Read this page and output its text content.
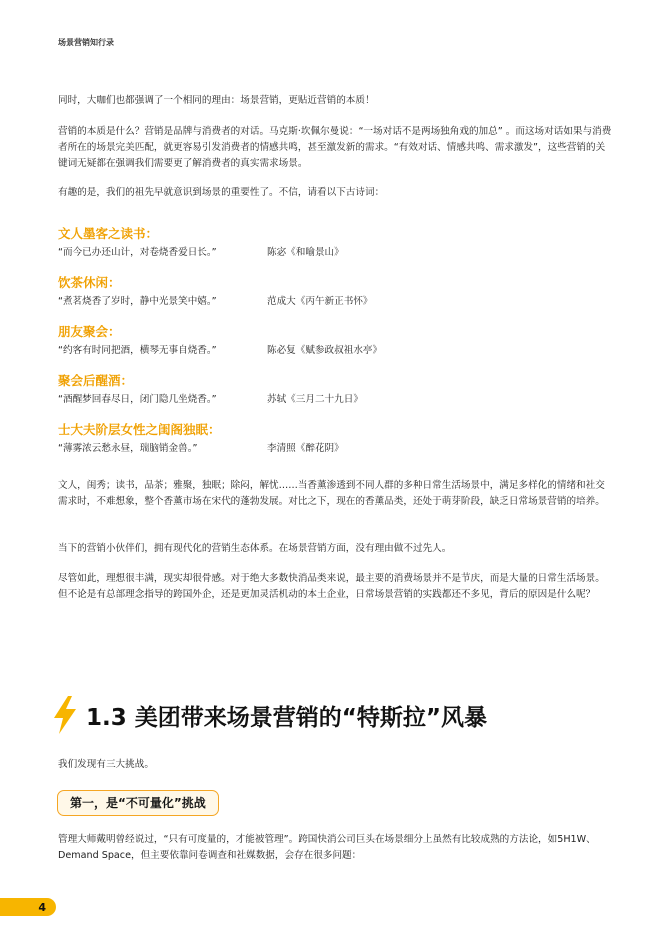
场景营销知行录

同时，大咖们也都强调了一个相同的理由：场景营销，更贴近营销的本质！

营销的本质是什么？营销是品牌与消费者的对话。马克斯·坎佩尔曼说：“一场对话不是两场独角戏的加总” 。而这场对话如果与消费者所在的场景完美匹配，就更容易引发消费者的情感共鸣，甚至激发新的需求。“有效对话、情感共鸣、需求激发”，这些营销的关键词无疑都在强调我们需要更了解消费者的真实需求场景。

有趣的是，我们的祖先早就意识到场景的重要性了。不信，请看以下古诗词：

文人墨客之读书：
“而今已办还山计，对卷烧香爱日长。”	陈宓《和喻景山》
饮茶休闲：
“煮茗烧香了岁时，静中光景笑中嬉。”	范成大《丙午新正书怀》
朋友聚会：
“约客有时同把酒，横琴无事自烧香。”	陈必复《赋参政叔祖水亭》
聚会后醒酒：
“酒醒梦回春尽日，闭门隐几坐烧香。”	苏轼《三月二十九日》
士大夫阶层女性之闺阁独眠：
“薄雾浓云愁永昼，瑞脑销金兽。”	李清照《醉花阴》

文人，闺秀；读书，品茶；雅聚，独眠；除闷，解忧……当香薰渗透到不同人群的多种日常生活场景中，满足多样化的情绪和社交需求时，不难想象，整个香薰市场在宋代的蓬勃发展。对比之下，现在的香薰品类，还处于萌芽阶段，缺乏日常场景营销的培养。

当下的营销小伙伴们，拥有现代化的营销生态体系。在场景营销方面，没有理由做不过先人。

尽管如此，理想很丰满，现实却很骨感。对于绝大多数快消品类来说，最主要的消费场景并不是节庆，而是大量的日常生活场景。但不论是有总部理念指导的跨国外企，还是更加灵活机动的本土企业，日常场景营销的实践都还不多见，背后的原因是什么呢？

1.3 美团带来场景营销的“特斯拉”风暴

我们发现有三大挑战。

第一，是“不可量化”挑战

管理大师戴明曾经说过，“只有可度量的，才能被管理”。跨国快消公司巨头在场景细分上虽然有比较成熟的方法论，如5H1W、Demand Space，但主要依靠问卷调查和社媒数据，会存在很多问题：

4
